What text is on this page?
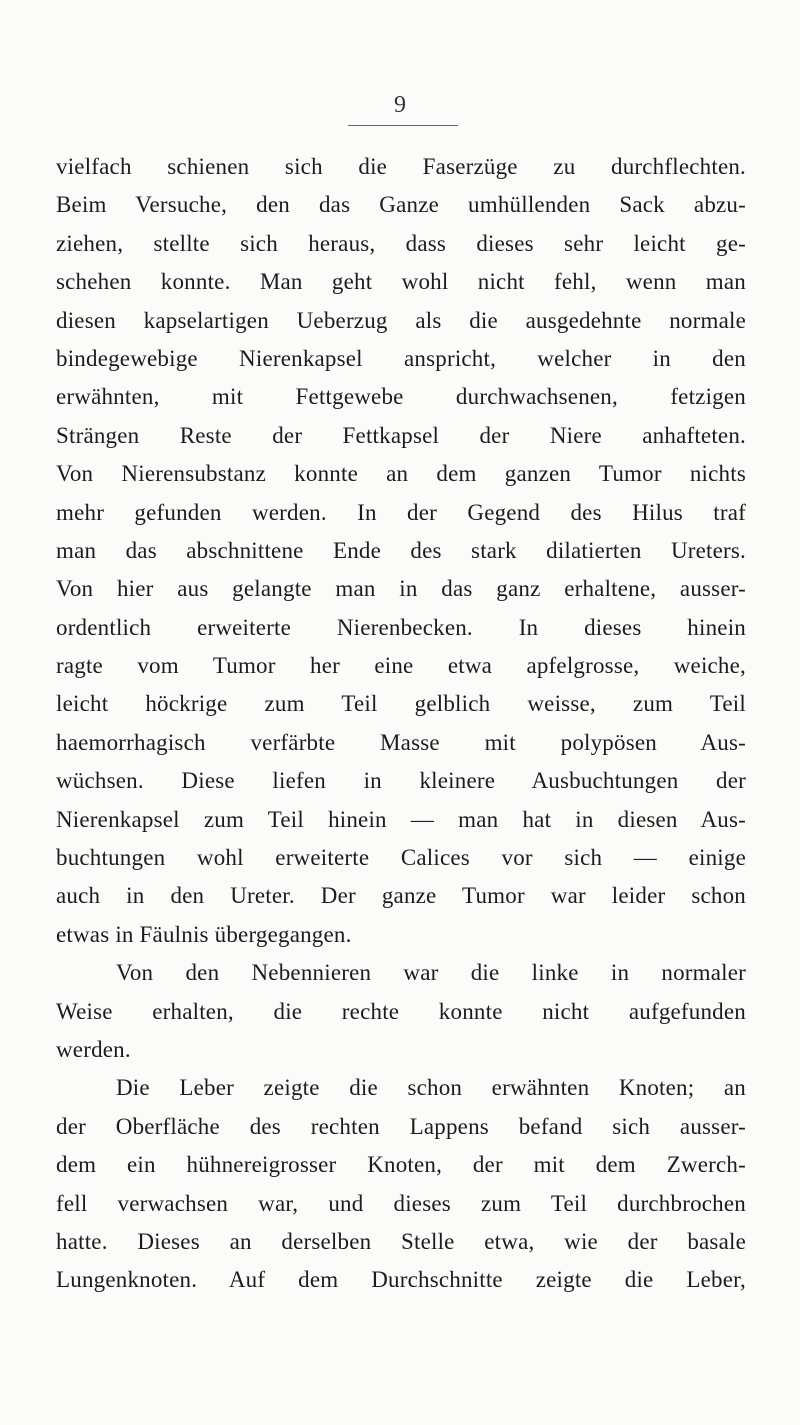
9
vielfach schienen sich die Faserzüge zu durchflechten.
Beim Versuche, den das Ganze umhüllenden Sack abzu-
ziehen, stellte sich heraus, dass dieses sehr leicht ge-
schehen konnte. Man geht wohl nicht fehl, wenn man
diesen kapselartigen Ueberzug als die ausgedehnte normale
bindegewebige Nierenkapsel anspricht, welcher in den
erwähnten, mit Fettgewebe durchwachsenen, fetzigen
Strängen Reste der Fettkapsel der Niere anhafteten.
Von Nierensubstanz konnte an dem ganzen Tumor nichts
mehr gefunden werden. In der Gegend des Hilus traf
man das abschnittene Ende des stark dilatierten Ureters.
Von hier aus gelangte man in das ganz erhaltene, ausser-
ordentlich erweiterte Nierenbecken. In dieses hinein
ragte vom Tumor her eine etwa apfelgrosse, weiche,
leicht höckrige zum Teil gelblich weisse, zum Teil
haemorrhagisch verfärbte Masse mit polypösen Aus-
wüchsen. Diese liefen in kleinere Ausbuchtungen der
Nierenkapsel zum Teil hinein — man hat in diesen Aus-
buchtungen wohl erweiterte Calices vor sich — einige
auch in den Ureter. Der ganze Tumor war leider schon
etwas in Fäulnis übergegangen.
Von den Nebennieren war die linke in normaler
Weise erhalten, die rechte konnte nicht aufgefunden
werden.
Die Leber zeigte die schon erwähnten Knoten; an
der Oberfläche des rechten Lappens befand sich ausser-
dem ein hühnereigrosser Knoten, der mit dem Zwerch-
fell verwachsen war, und dieses zum Teil durchbrochen
hatte. Dieses an derselben Stelle etwa, wie der basale
Lungenknoten. Auf dem Durchschnitte zeigte die Leber,
